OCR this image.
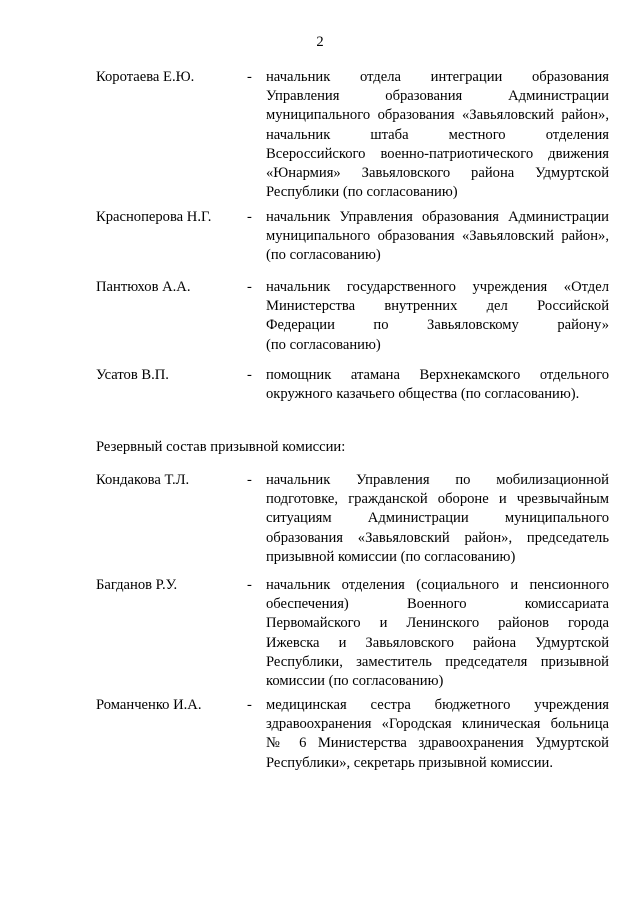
2
Коротаева Е.Ю.	- начальник отдела интеграции образования
Управления образования Администрации
муниципального образования «Завьяловский район»,
начальник штаба местного отделения
Всероссийского военно-патриотического движения
«Юнармия» Завьяловского района Удмуртской
Республики (по согласованию)
Красноперова Н.Г. - начальник Управления образования Администрации
муниципального образования «Завьяловский район»,
(по согласованию)
Пантюхов А.А.	- начальник государственного учреждения «Отдел
Министерства внутренних дел Российской
Федерации по Завьяловскому району»
(по согласованию)
Усатов В.П.	- помощник атамана Верхнекамского отдельного
окружного казачьего общества (по согласованию).
Резервный состав призывной комиссии:
Кондакова Т.Л.	- начальник Управления по мобилизационной
подготовке, гражданской обороне и чрезвычайным
ситуациям Администрации муниципального
образования «Завьяловский район», председатель
призывной комиссии (по согласованию)
Багданов Р.У.	- начальник отделения (социального и пенсионного
обеспечения) Военного комиссариата
Первомайского и Ленинского районов города
Ижевска и Завьяловского района Удмуртской
Республики, заместитель председателя призывной
комиссии (по согласованию)
Романченко И.А.	- медицинская сестра бюджетного учреждения
здравоохранения «Городская клиническая больница
№ 6 Министерства здравоохранения Удмуртской
Республики», секретарь призывной комиссии.
